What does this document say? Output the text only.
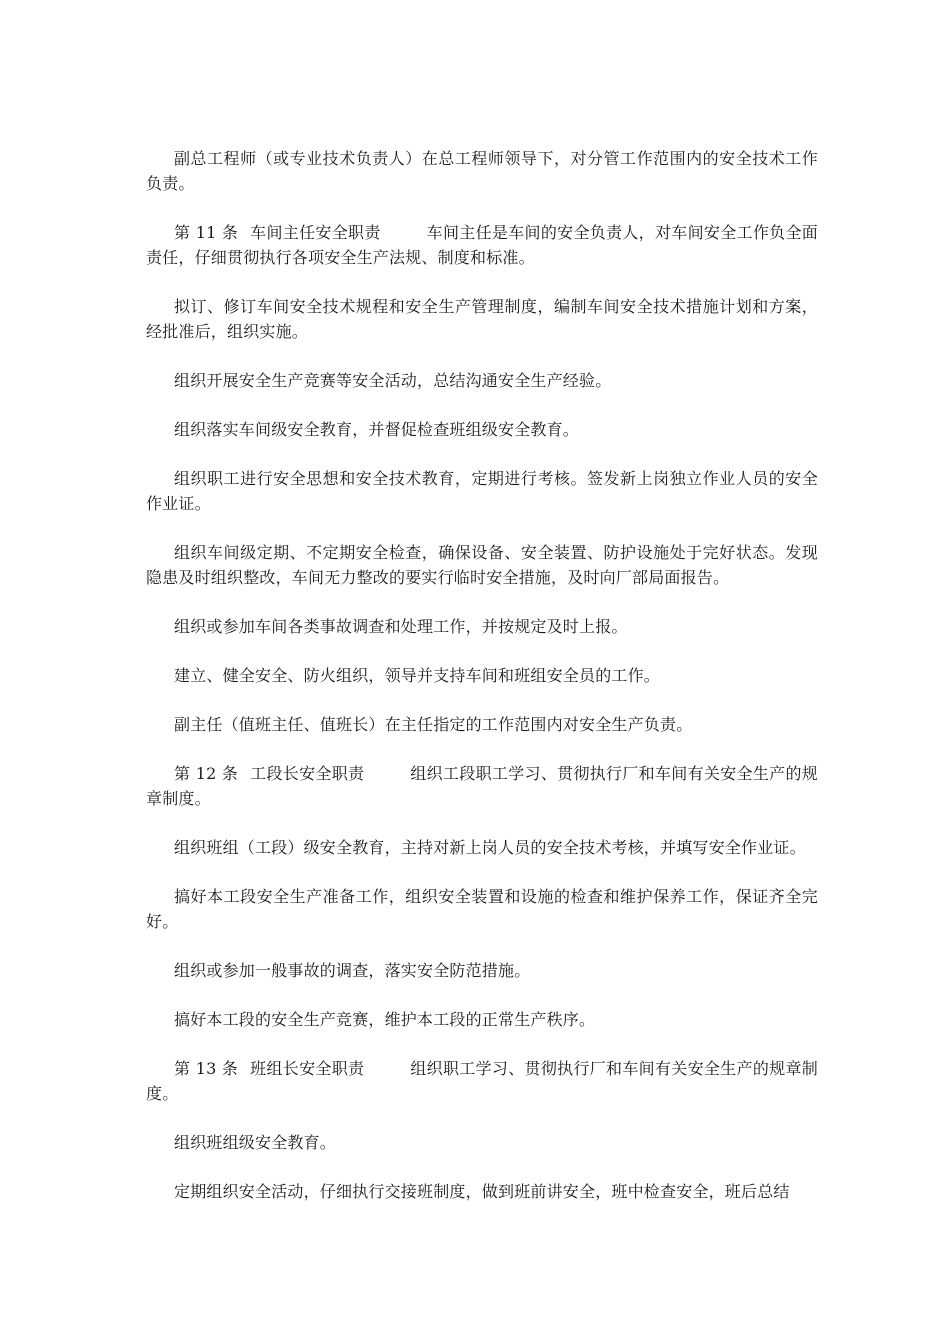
副总工程师（或专业技术负责人）在总工程师领导下，对分管工作范围内的安全技术工作负责。

第 11 条 车间主任安全职责	车间主任是车间的安全负责人，对车间安全工作负全面责任，仔细贯彻执行各项安全生产法规、制度和标准。

拟订、修订车间安全技术规程和安全生产管理制度，编制车间安全技术措施计划和方案，经批准后，组织实施。

组织开展安全生产竞赛等安全活动，总结沟通安全生产经验。

组织落实车间级安全教育，并督促检查班组级安全教育。

组织职工进行安全思想和安全技术教育，定期进行考核。签发新上岗独立作业人员的安全作业证。

组织车间级定期、不定期安全检查，确保设备、安全装置、防护设施处于完好状态。发现隐患及时组织整改，车间无力整改的要实行临时安全措施，及时向厂部局面报告。

组织或参加车间各类事故调查和处理工作，并按规定及时上报。

建立、健全安全、防火组织，领导并支持车间和班组安全员的工作。

副主任（值班主任、值班长）在主任指定的工作范围内对安全生产负责。

第 12 条 工段长安全职责	组织工段职工学习、贯彻执行厂和车间有关安全生产的规章制度。

组织班组（工段）级安全教育，主持对新上岗人员的安全技术考核，并填写安全作业证。

搞好本工段安全生产准备工作，组织安全装置和设施的检查和维护保养工作，保证齐全完好。

组织或参加一般事故的调查，落实安全防范措施。

搞好本工段的安全生产竞赛，维护本工段的正常生产秩序。

第 13 条 班组长安全职责	组织职工学习、贯彻执行厂和车间有关安全生产的规章制度。

组织班组级安全教育。

定期组织安全活动，仔细执行交接班制度，做到班前讲安全，班中检查安全，班后总结
